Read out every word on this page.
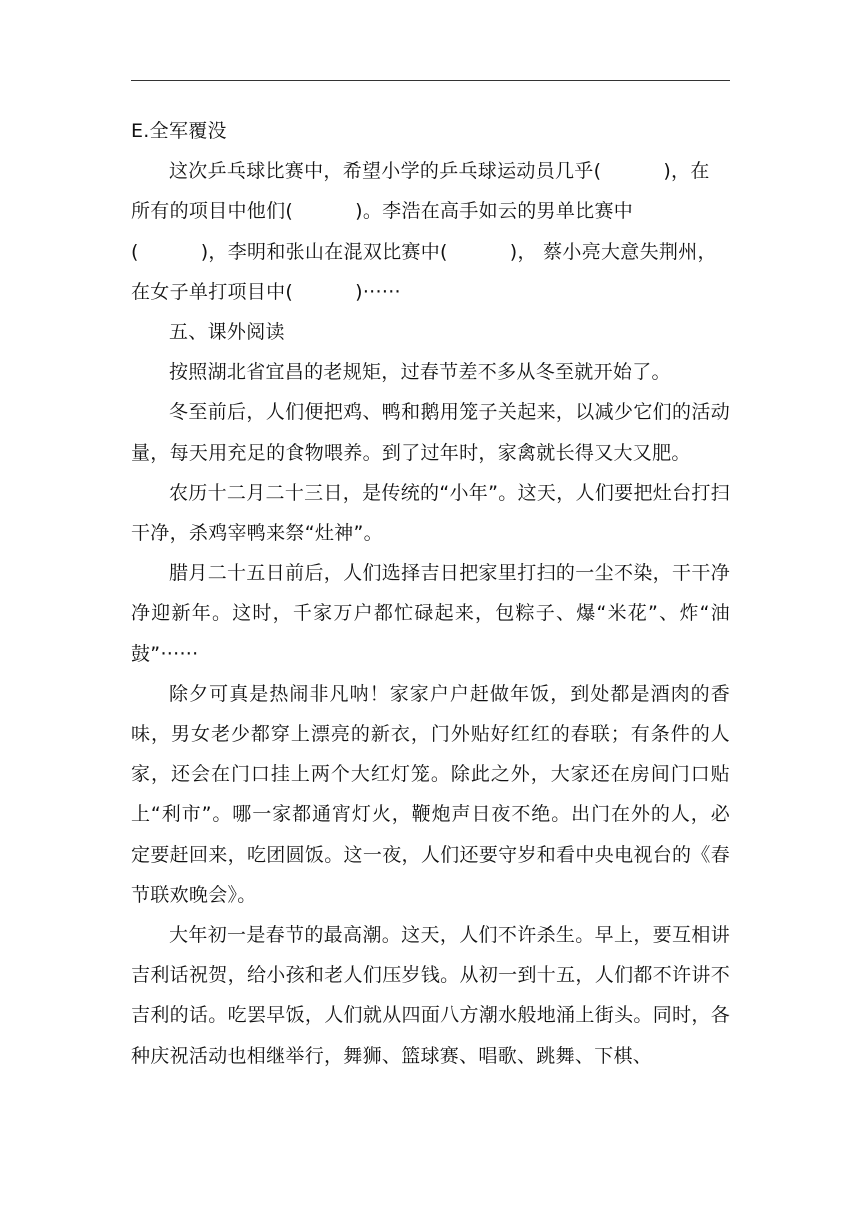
E.全军覆没

这次乒乓球比赛中，希望小学的乒乓球运动员几乎(	)，在

所有的项目中他们(	)。李浩在高手如云的男单比赛中

(	)，李明和张山在混双比赛中(	)， 蔡小亮大意失荆州，

在女子单打项目中(	)······

五、课外阅读

按照湖北省宜昌的老规矩，过春节差不多从冬至就开始了。

冬至前后，人们便把鸡、鸭和鹅用笼子关起来，以减少它们的活动量，每天用充足的食物喂养。到了过年时，家禽就长得又大又肥。

农历十二月二十三日，是传统的“小年”。这天，人们要把灶台打扫干净，杀鸡宰鸭来祭“灶神”。

腊月二十五日前后，人们选择吉日把家里打扫的一尘不染，干干净净迎新年。这时，千家万户都忙碌起来，包粽子、爆“米花”、炸“油鼓”······

除夕可真是热闹非凡呐！家家户户赶做年饭，到处都是酒肉的香味，男女老少都穿上漂亮的新衣，门外贴好红红的春联；有条件的人家，还会在门口挂上两个大红灯笼。除此之外，大家还在房间门口贴上“利市”。哪一家都通宵灯火，鞭炮声日夜不绝。出门在外的人，必定要赶回来，吃团圆饭。这一夜，人们还要守岁和看中央电视台的《春节联欢晚会》。

大年初一是春节的最高潮。这天，人们不许杀生。早上，要互相讲吉利话祝贺，给小孩和老人们压岁钱。从初一到十五，人们都不许讲不吉利的话。吃罢早饭，人们就从四面八方潮水般地涌上街头。同时，各种庆祝活动也相继举行，舞狮、篮球赛、唱歌、跳舞、下棋、
